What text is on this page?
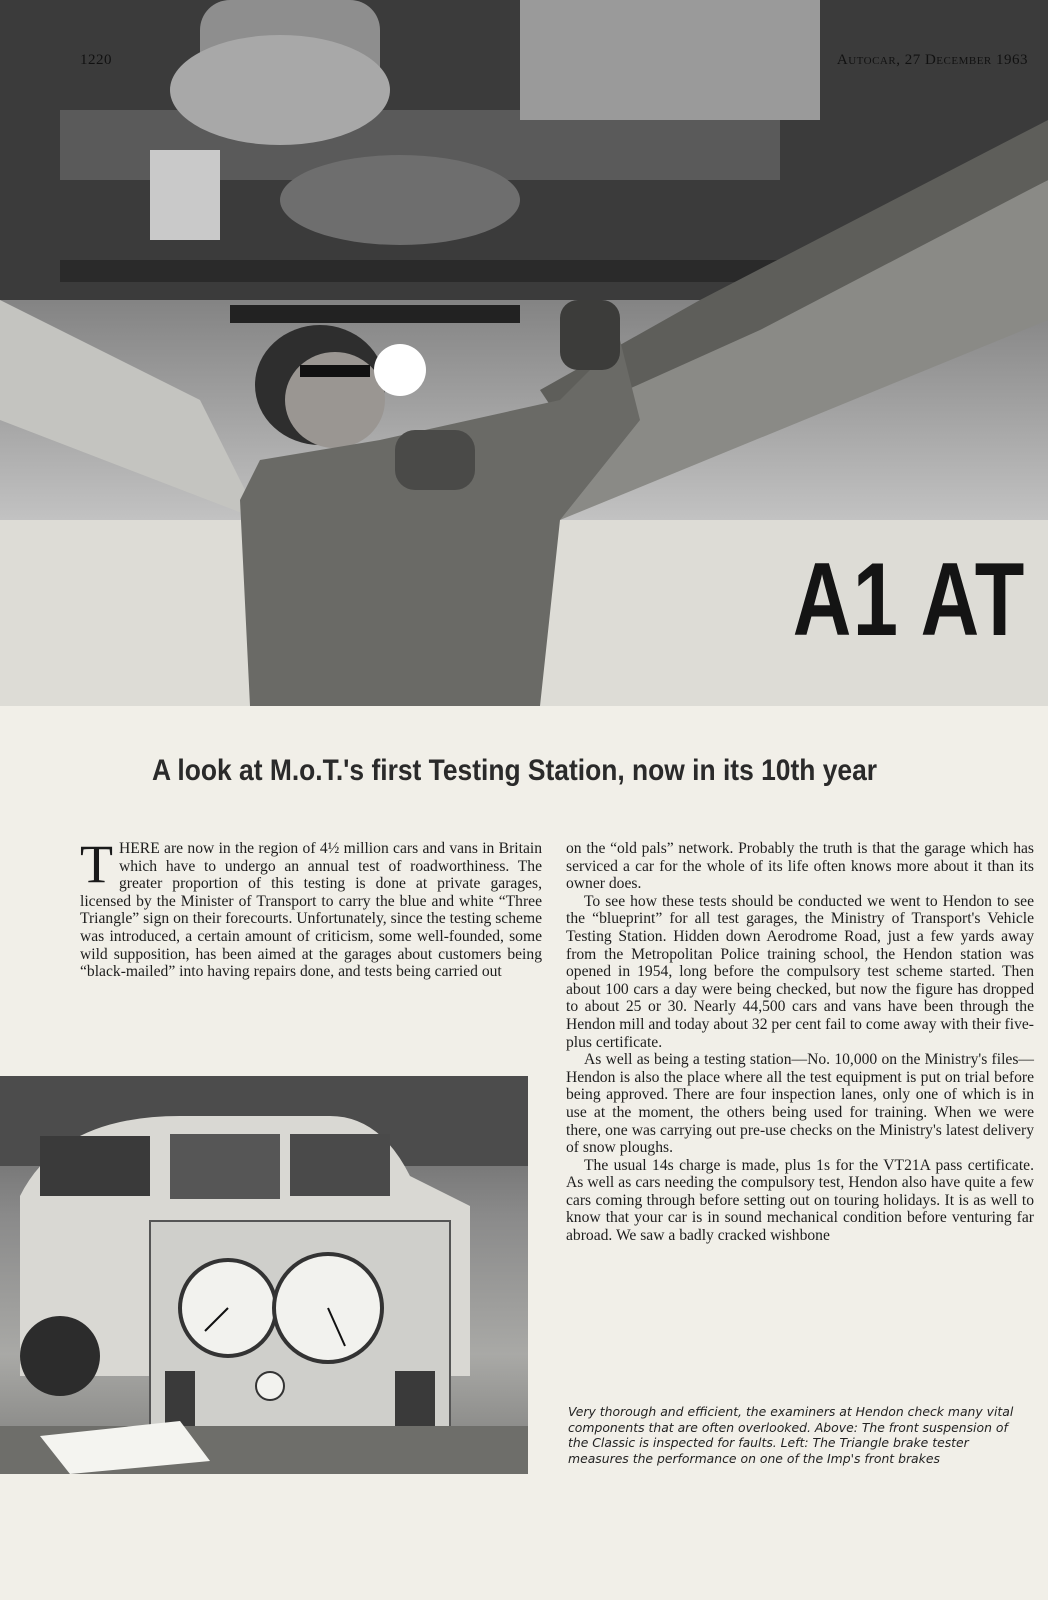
1220	Autocar, 27 December 1963
A1 AT
A look at M.o.T.'s first Testing Station, now in its 10th year
T HERE are now in the region of 4½ million cars and vans in Britain which have to undergo an annual test of roadworthiness. The greater proportion of this testing is done at private garages, licensed by the Minister of Transport to carry the blue and white “Three Triangle” sign on their forecourts. Unfortunately, since the testing scheme was introduced, a certain amount of criticism, some well-founded, some wild supposition, has been aimed at the garages about customers being “black-mailed” into having repairs done, and tests being carried out

on the “old pals” network. Probably the truth is that the garage which has serviced a car for the whole of its life often knows more about it than its owner does.

To see how these tests should be conducted we went to Hendon to see the “blueprint” for all test garages, the Ministry of Transport's Vehicle Testing Station. Hidden down Aerodrome Road, just a few yards away from the Metropolitan Police training school, the Hendon station was opened in 1954, long before the compulsory test scheme started. Then about 100 cars a day were being checked, but now the figure has dropped to about 25 or 30. Nearly 44,500 cars and vans have been through the Hendon mill and today about 32 per cent fail to come away with their five-plus certificate.

As well as being a testing station—No. 10,000 on the Ministry's files—Hendon is also the place where all the test equipment is put on trial before being approved. There are four inspection lanes, only one of which is in use at the moment, the others being used for training. When we were there, one was carrying out pre-use checks on the Ministry's latest delivery of snow ploughs.

The usual 14s charge is made, plus 1s for the VT21A pass certificate. As well as cars needing the compulsory test, Hendon also have quite a few cars coming through before setting out on touring holidays. It is as well to know that your car is in sound mechanical condition before venturing far abroad. We saw a badly cracked wishbone

Very thorough and efficient, the examiners at Hendon check many vital components that are often overlooked. Above: The front suspension of the Classic is inspected for faults. Left: The Triangle brake tester measures the performance on one of the Imp's front brakes
